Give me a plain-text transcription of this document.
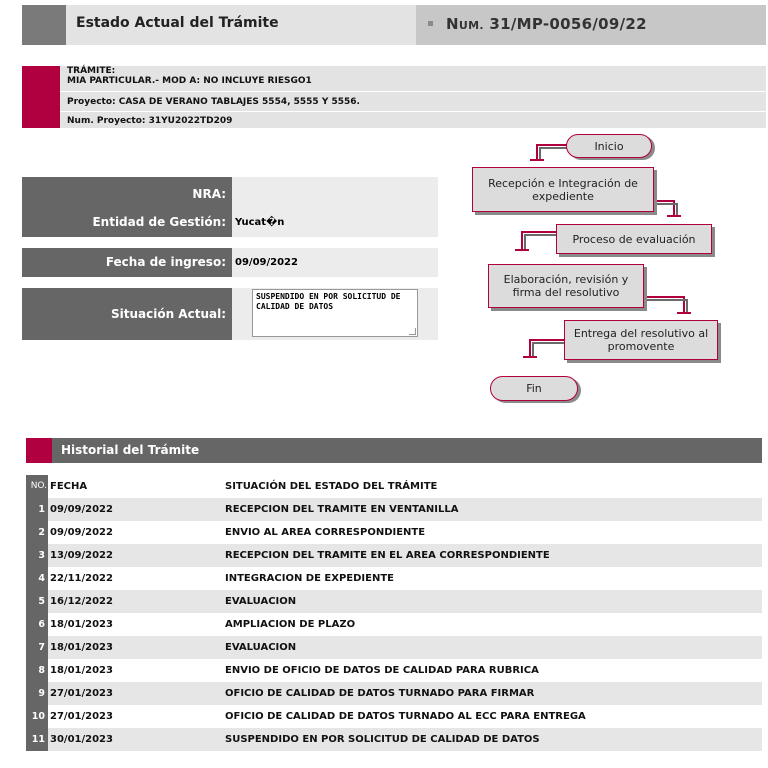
Estado Actual del Trámite	NUM. 31/MP-0056/09/22
TRÁMITE:
MIA PARTICULAR.- MOD A: NO INCLUYE RIESGO1
Proyecto: CASA DE VERANO TABLAJES 5554, 5555 Y 5556.
Num. Proyecto: 31YU2022TD209
NRA:
Entidad de Gestión: Yucat�n
Fecha de ingreso: 09/09/2022
Situación Actual:
SUSPENDIDO EN POR SOLICITUD DE CALIDAD DE DATOS
Inicio
Recepción e Integración de expediente
Proceso de evaluación
Elaboración, revisión y firma del resolutivo
Entrega del resolutivo al promovente
Fin
Historial del Trámite
NO. FECHA	SITUACIÓN DEL ESTADO DEL TRÁMITE
1 09/09/2022	RECEPCION DEL TRAMITE EN VENTANILLA
2 09/09/2022	ENVIO AL AREA CORRESPONDIENTE
3 13/09/2022	RECEPCION DEL TRAMITE EN EL AREA CORRESPONDIENTE
4 22/11/2022	INTEGRACION DE EXPEDIENTE
5 16/12/2022	EVALUACION
6 18/01/2023	AMPLIACION DE PLAZO
7 18/01/2023	EVALUACION
8 18/01/2023	ENVIO DE OFICIO DE DATOS DE CALIDAD PARA RUBRICA
9 27/01/2023	OFICIO DE CALIDAD DE DATOS TURNADO PARA FIRMAR
10 27/01/2023	OFICIO DE CALIDAD DE DATOS TURNADO AL ECC PARA ENTREGA
11 30/01/2023	SUSPENDIDO EN POR SOLICITUD DE CALIDAD DE DATOS
